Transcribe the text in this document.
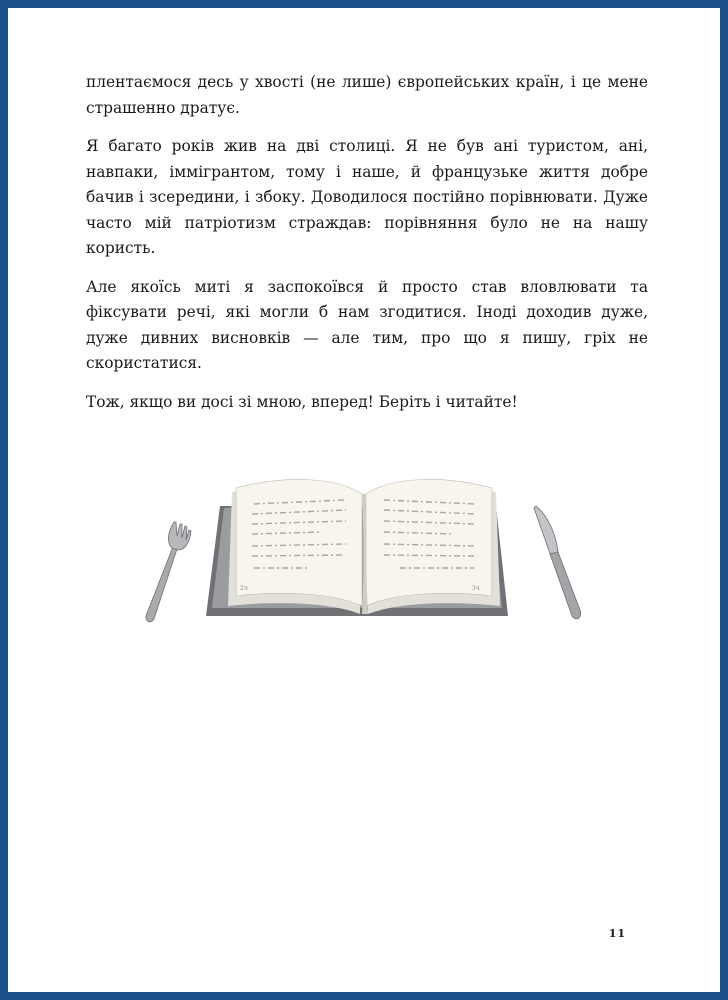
плентаємося десь у хвості (не лише) європейських країн, і це мене страшенно дратує.

Я багато років жив на дві столиці. Я не був ані туристом, ані, навпаки, іммігрантом, тому і наше, й французьке життя добре бачив і зсередини, і збоку. Доводилося постійно порівнювати. Дуже часто мій патріотизм страждав: порівняння було не на нашу користь.

Але якоїсь миті я заспокоївся й просто став вловлювати та фіксувати речі, які могли б нам згодитися. Іноді доходив дуже, дуже дивних висновків — але тим, про що я пишу, гріх не скористатися.

Тож, якщо ви досі зі мною, вперед! Беріть і читайте!

2ч	3ч
11
